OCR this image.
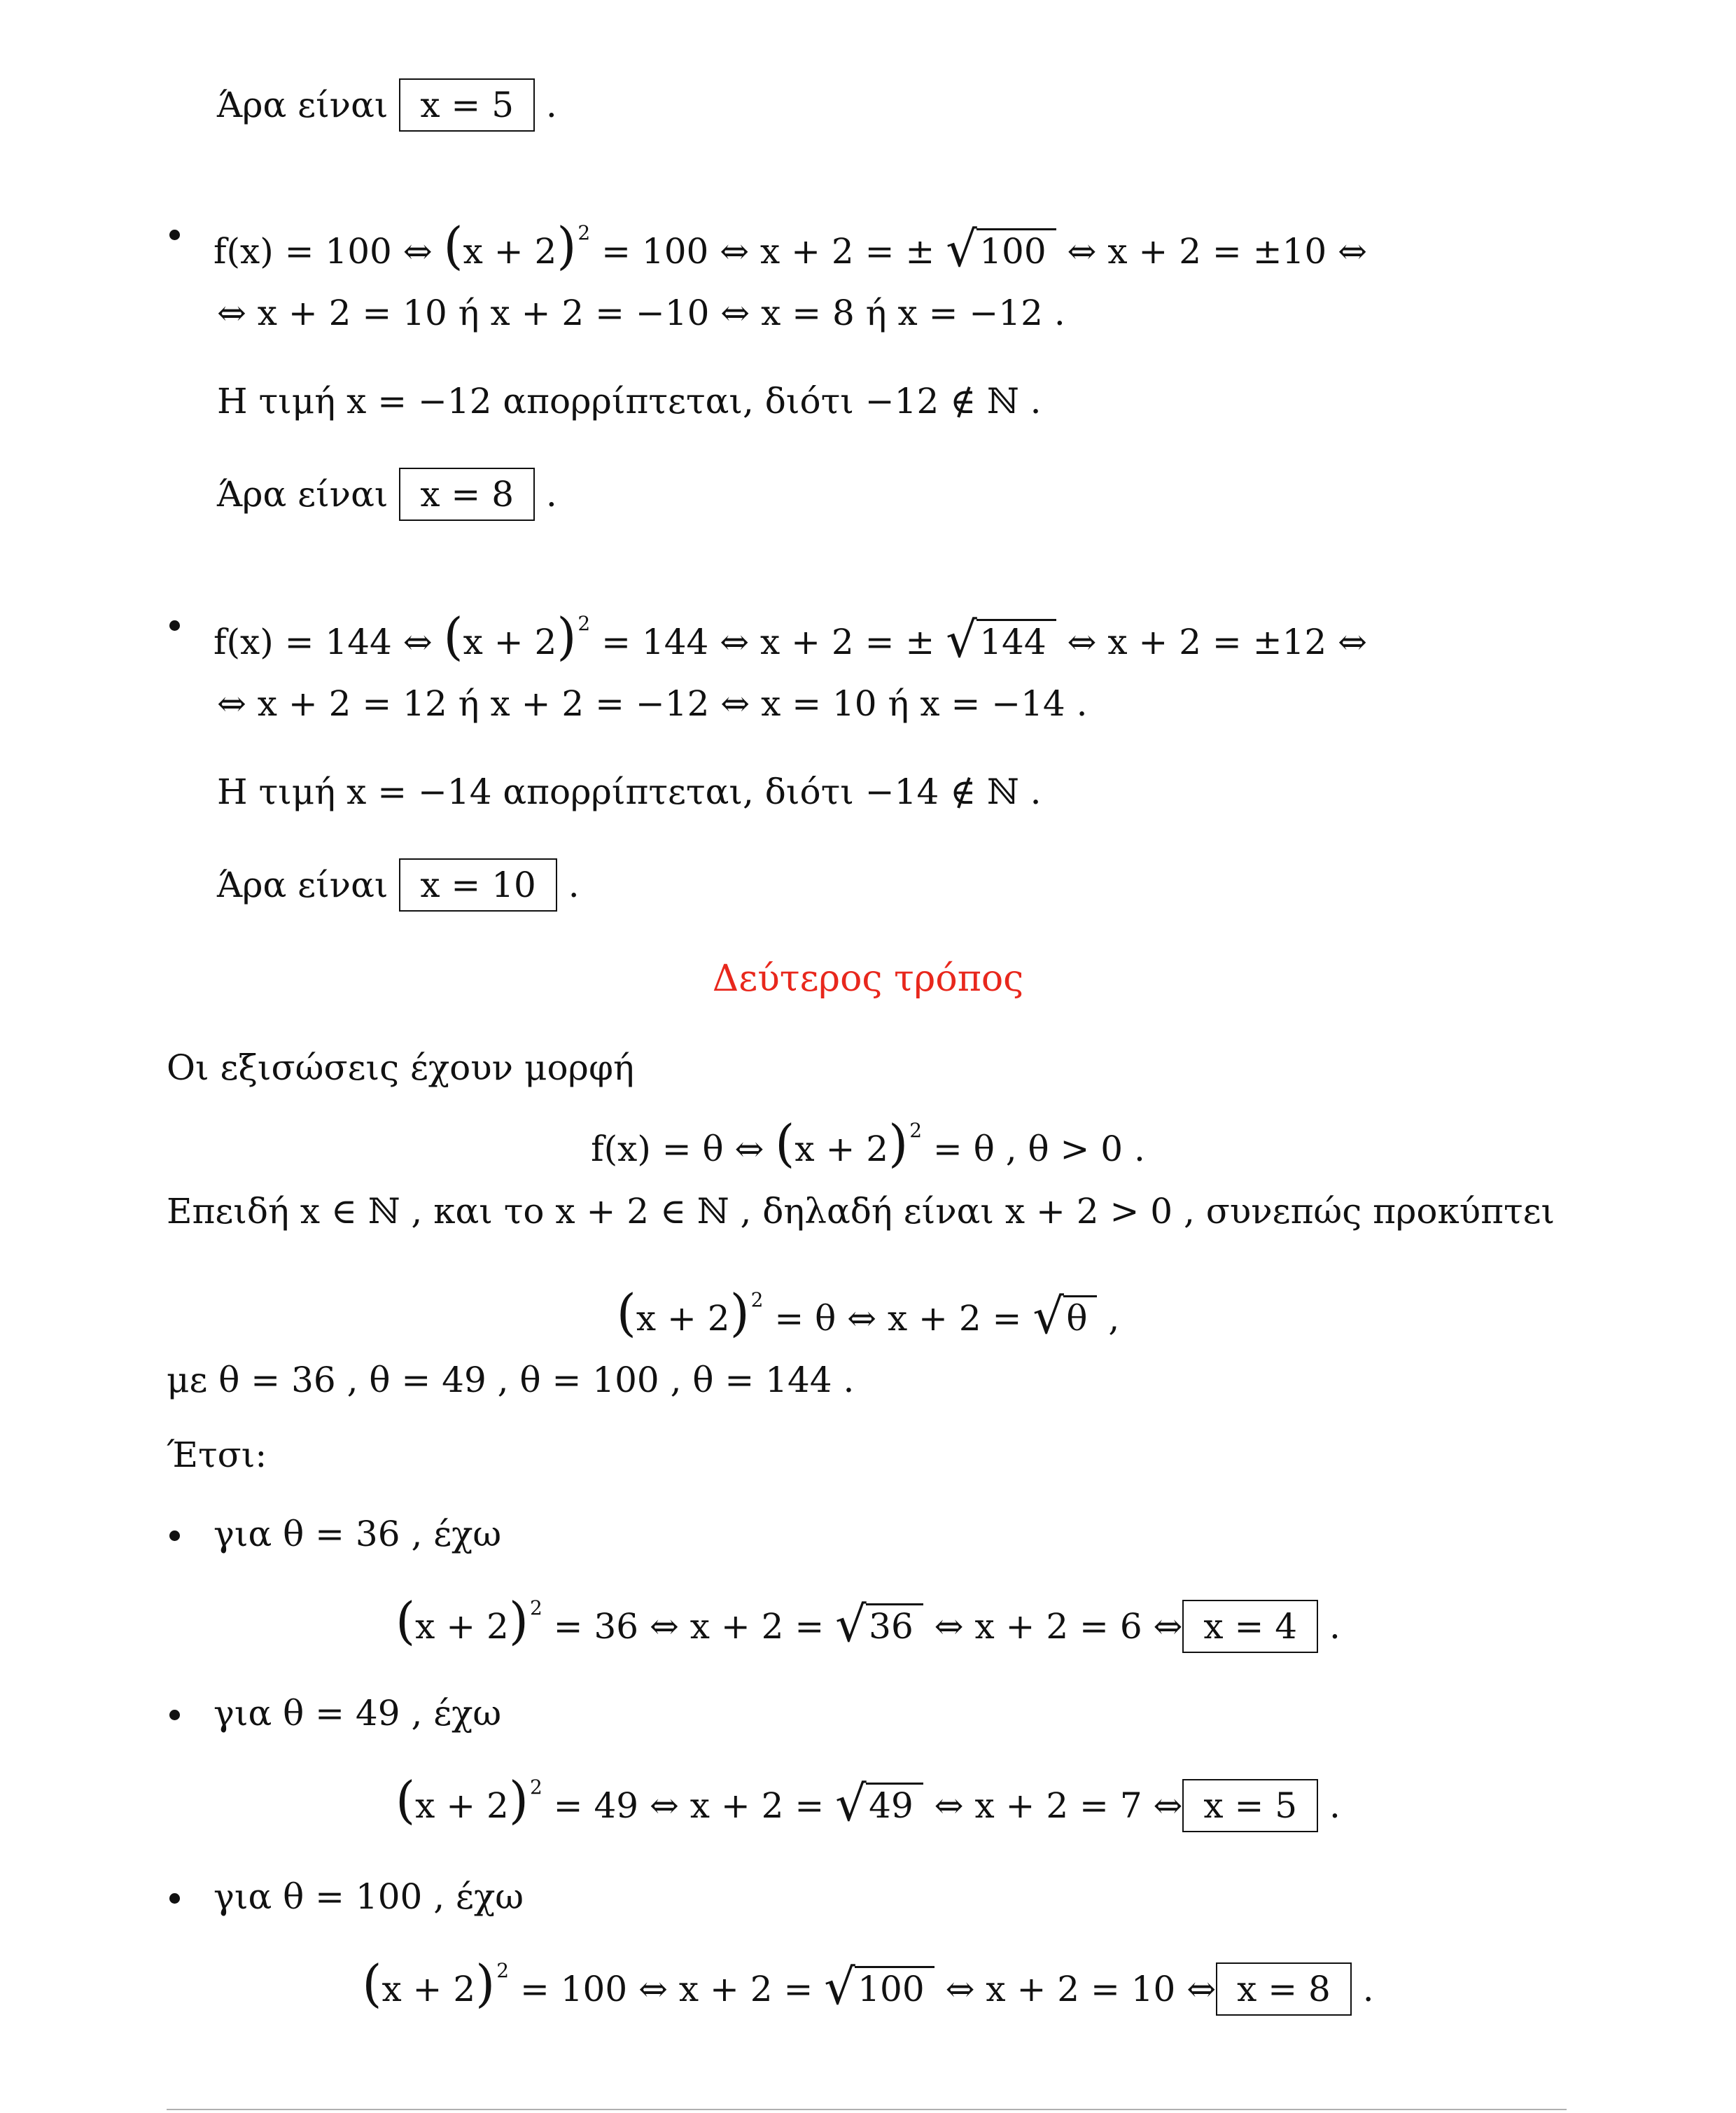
Άρα είναι x = 5 .
f(x) = 100 ⇔ $(x + 2)^2 = 100$ ⇔ x + 2 = ± √ 100 ⇔ x + 2 = ±10 ⇔
⇔ x + 2 = 10 ή x + 2 = −10 ⇔ x = 8 ή x = −12 .
Η τιμή x = −12 απορρίπτεται, διότι −12 ∉ ℕ .
Άρα είναι x = 8 .
f(x) = 144 ⇔ $(x + 2)^2 = 144$ ⇔ x + 2 = ± √ 144 ⇔ x + 2 = ±12 ⇔
⇔ x + 2 = 12 ή x + 2 = −12 ⇔ x = 10 ή x = −14 .
Η τιμή x = −14 απορρίπτεται, διότι −14 ∉ ℕ .
Άρα είναι x = 10 .
Δεύτερος τρόπος
Οι εξισώσεις έχουν μορφή
f(x) = θ ⇔ $(x + 2)^2 = \theta$ , θ > 0 .
Επειδή x ∈ ℕ , και το x + 2 ∈ ℕ , δηλαδή είναι x + 2 > 0 , συνεπώς προκύπτει
$(x + 2)^2 = \theta$ ⇔ x + 2 = √ θ ,
με θ = 36 , θ = 49 , θ = 100 , θ = 144 .
Έτσι:
για θ = 36 , έχω
$(x + 2)^2 = 36$ ⇔ x + 2 = √ 36 ⇔ x + 2 = 6 ⇔ x = 4 .
για θ = 49 , έχω
$(x + 2)^2 = 49$ ⇔ x + 2 = √ 49 ⇔ x + 2 = 7 ⇔ x = 5 .
για θ = 100 , έχω
$(x + 2)^2 = 100$ ⇔ x + 2 = √ 100 ⇔ x + 2 = 10 ⇔ x = 8 .
